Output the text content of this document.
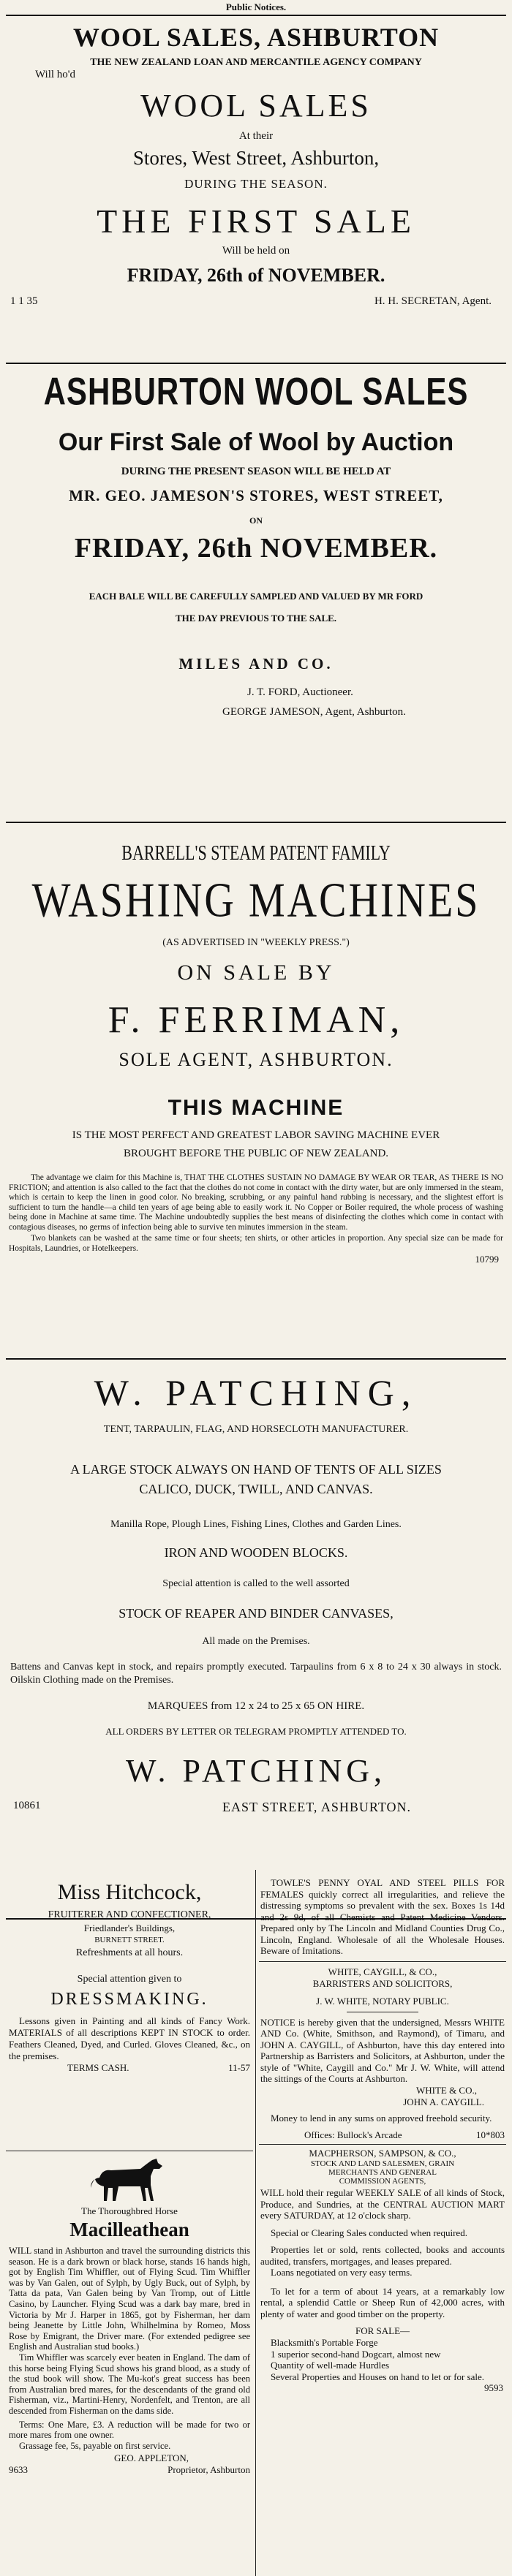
Public Notices.
WOOL SALES, ASHBURTON
THE NEW ZEALAND LOAN AND MERCANTILE AGENCY COMPANY
Will ho'd
WOOL SALES
At their
Stores, West Street, Ashburton,
DURING THE SEASON.
THE FIRST SALE
Will be held on
FRIDAY, 26th of NOVEMBER.
1 1 35	H. H. SECRETAN, Agent.
ASHBURTON WOOL SALES
Our First Sale of Wool by Auction
DURING THE PRESENT SEASON WILL BE HELD AT
MR. GEO. JAMESON'S STORES, WEST STREET,
ON
FRIDAY, 26th NOVEMBER.
EACH BALE WILL BE CAREFULLY SAMPLED AND VALUED BY MR FORD
THE DAY PREVIOUS TO THE SALE.
MILES AND CO.
J. T. FORD, Auctioneer.
GEORGE JAMESON, Agent, Ashburton.
BARRELL'S STEAM PATENT FAMILY
WASHING MACHINES
(AS ADVERTISED IN "WEEKLY PRESS.")
ON SALE BY
F. FERRIMAN,
SOLE AGENT, ASHBURTON.
THIS MACHINE
IS THE MOST PERFECT AND GREATEST LABOR SAVING MACHINE EVER
BROUGHT BEFORE THE PUBLIC OF NEW ZEALAND.

The advantage we claim for this Machine is, THAT THE CLOTHES SUSTAIN NO DAMAGE BY WEAR OR TEAR, AS THERE IS NO FRICTION; and attention is also called to the fact that the clothes do not come in contact with the dirty water, but are only immersed in the steam, which is certain to keep the linen in good color. No breaking, scrubbing, or any painful hand rubbing is necessary, and the slightest effort is sufficient to turn the handle—a child ten years of age being able to easily work it. No Copper or Boiler required, the whole process of washing being done in Machine at same time. The Machine undoubtedly supplies the best means of disinfecting the clothes which come in contact with contagious diseases, no germs of infection being able to survive ten minutes immersion in the steam.

Two blankets can be washed at the same time or four sheets; ten shirts, or other articles in proportion. Any special size can be made for Hospitals, Laundries, or Hotelkeepers.

10799
W. PATCHING,
TENT, TARPAULIN, FLAG, AND HORSECLOTH MANUFACTURER.
A LARGE STOCK ALWAYS ON HAND OF TENTS OF ALL SIZES
CALICO, DUCK, TWILL, AND CANVAS.
Manilla Rope, Plough Lines, Fishing Lines, Clothes and Garden Lines.
IRON AND WOODEN BLOCKS.
Special attention is called to the well assorted
STOCK OF REAPER AND BINDER CANVASES,
All made on the Premises.

Battens and Canvas kept in stock, and repairs promptly executed. Tarpaulins from 6 x 8 to 24 x 30 always in stock. Oilskin Clothing made on the Premises.

MARQUEES from 12 x 24 to 25 x 65 ON HIRE.
ALL ORDERS BY LETTER OR TELEGRAM PROMPTLY ATTENDED TO.
W. PATCHING,
10861	EAST STREET, ASHBURTON.
Miss Hitchcock,
FRUITERER AND CONFECTIONER,
Friedlander's Buildings,
BURNETT STREET.
Refreshments at all hours.
Special attention given to
DRESSMAKING.

Lessons given in Painting and all kinds of Fancy Work. MATERIALS of all descriptions KEPT IN STOCK to order. Feathers Cleaned, Dyed, and Curled. Gloves Cleaned, &c., on the premises.

TERMS CASH.	11-57
The Thoroughbred Horse
Macilleathean

WILL stand in Ashburton and travel the surrounding districts this season. He is a dark brown or black horse, stands 16 hands high, got by English Tim Whiffler, out of Flying Scud. Tim Whiffler was by Van Galen, out of Sylph, by Ugly Buck, out of Sylph, by Tatta da pata, Van Galen being by Van Tromp, out of Little Casino, by Launcher. Flying Scud was a dark bay mare, bred in Victoria by Mr J. Harper in 1865, got by Fisherman, her dam being Jeanette by Little John, Whilhelmina by Romeo, Moss Rose by Emigrant, the Driver mare. (For extended pedigree see English and Australian stud books.)

Tim Whiffler was scarcely ever beaten in England. The dam of this horse being Flying Scud shows his grand blood, as a study of the stud book will show. The Mu-kot's great success has been from Australian bred mares, for the descendants of the grand old Fisherman, viz., Martini-Henry, Nordenfelt, and Trenton, are all descended from Fisherman on the dams side.

Terms: One Mare, £3. A reduction will be made for two or more mares from one owner.

Grassage fee, 5s, payable on first service.

GEO. APPLETON,
9633	Proprietor, Ashburton

TOWLE'S PENNY OYAL AND STEEL PILLS FOR FEMALES quickly correct all irregularities, and relieve the distressing symptoms so prevalent with the sex. Boxes 1s 14d and 2s 9d, of all Chemists and Patent Medicine Vendors. Prepared only by The Lincoln and Midland Counties Drug Co., Lincoln, England. Wholesale of all the Wholesale Houses. Beware of Imitations.

WHITE, CAYGILL, & CO.,
BARRISTERS AND SOLICITORS,
J. W. WHITE, NOTARY PUBLIC.

NOTICE is hereby given that the undersigned, Messrs WHITE AND Co. (White, Smithson, and Raymond), of Timaru, and JOHN A. CAYGILL, of Ashburton, have this day entered into Partnership as Barristers and Solicitors, at Ashburton, under the style of "White, Caygill and Co." Mr J. W. White, will attend the sittings of the Courts at Ashburton.

WHITE & CO.,
JOHN A. CAYGILL.

Money to lend in any sums on approved freehold security.

Offices: Bullock's Arcade	10*803
MACPHERSON, SAMPSON, & CO.,
STOCK AND LAND SALESMEN, GRAIN
MERCHANTS AND GENERAL
COMMISSION AGENTS,

WILL hold their regular WEEKLY SALE of all kinds of Stock, Produce, and Sundries, at the CENTRAL AUCTION MART every SATURDAY, at 12 o'clock sharp.

Special or Clearing Sales conducted when required.

Properties let or sold, rents collected, books and accounts audited, transfers, mortgages, and leases prepared.

Loans negotiated on very easy terms.

To let for a term of about 14 years, at a remarkably low rental, a splendid Cattle or Sheep Run of 42,000 acres, with plenty of water and good timber on the property.

FOR SALE—
Blacksmith's Portable Forge
1 superior second-hand Dogcart, almost new
Quantity of well-made Hurdles
Several Properties and Houses on hand to let or for sale.
9593
